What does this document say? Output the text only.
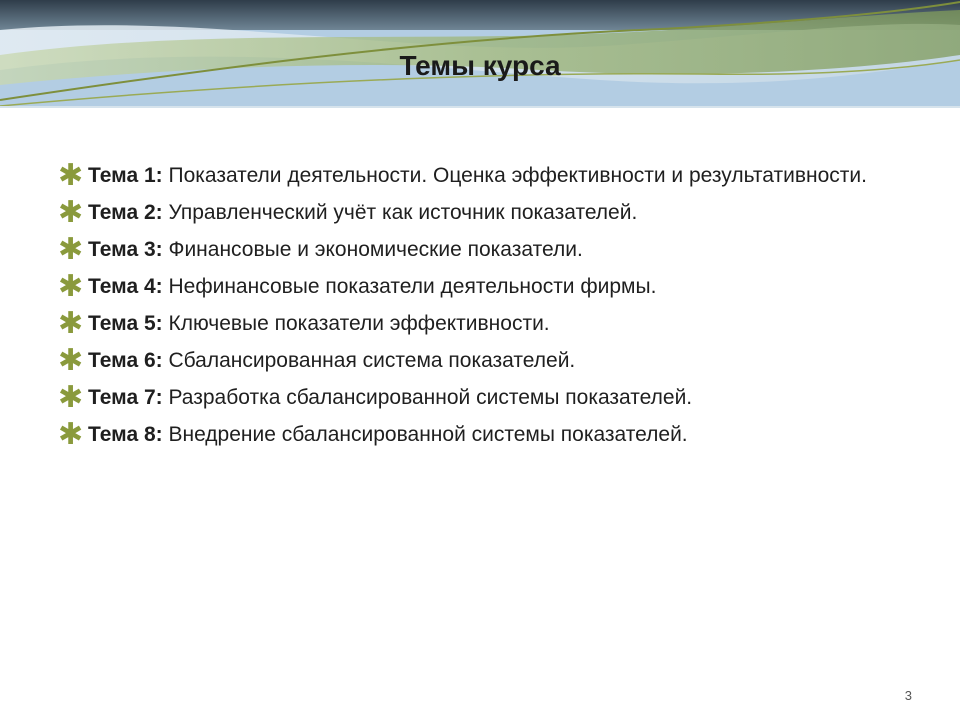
Темы курса
✱ Тема 1: Показатели деятельности. Оценка эффективности и результативности.
✱ Тема 2: Управленческий учёт как источник показателей.
✱ Тема 3: Финансовые и экономические показатели.
✱ Тема 4: Нефинансовые показатели деятельности фирмы.
✱ Тема 5: Ключевые показатели эффективности.
✱ Тема 6: Сбалансированная система показателей.
✱ Тема 7: Разработка сбалансированной системы показателей.
✱ Тема 8: Внедрение сбалансированной системы показателей.
3
